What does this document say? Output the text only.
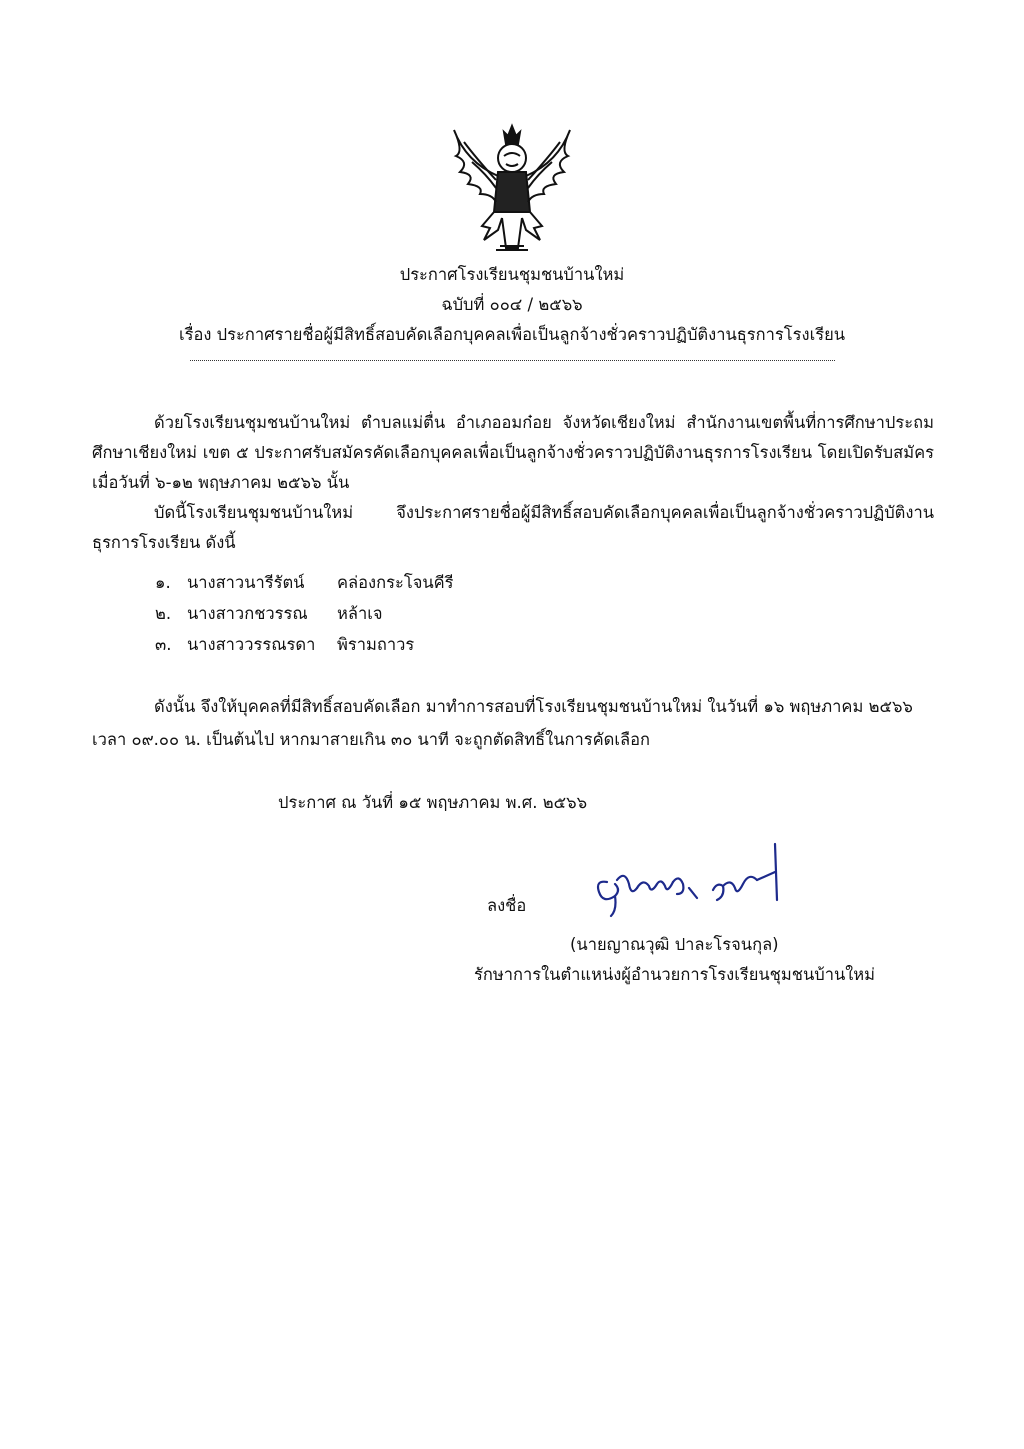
ประกาศโรงเรียนชุมชนบ้านใหม่
ฉบับที่ ๐๐๔ / ๒๕๖๖
เรื่อง ประกาศรายชื่อผู้มีสิทธิ์สอบคัดเลือกบุคคลเพื่อเป็นลูกจ้างชั่วคราวปฏิบัติงานธุรการโรงเรียน
ด้วยโรงเรียนชุมชนบ้านใหม่ ตำบลแม่ตื่น อำเภออมก๋อย จังหวัดเชียงใหม่ สำนักงานเขตพื้นที่การศึกษาประถมศึกษาเชียงใหม่ เขต ๕ ประกาศรับสมัครคัดเลือกบุคคลเพื่อเป็นลูกจ้างชั่วคราวปฏิบัติงานธุรการโรงเรียน โดยเปิดรับสมัครเมื่อวันที่ ๖-๑๒ พฤษภาคม ๒๕๖๖ นั้น
บัดนี้โรงเรียนชุมชนบ้านใหม่ จึงประกาศรายชื่อผู้มีสิทธิ์สอบคัดเลือกบุคคลเพื่อเป็นลูกจ้างชั่วคราวปฏิบัติงานธุรการโรงเรียน ดังนี้
๑. นางสาวนารีรัตน์ คล่องกระโจนคีรี
๒. นางสาวกชวรรณ หล้าเจ
๓. นางสาววรรณรดา พิรามถาวร
ดังนั้น จึงให้บุคคลที่มีสิทธิ์สอบคัดเลือก มาทำการสอบที่โรงเรียนชุมชนบ้านใหม่ ในวันที่ ๑๖ พฤษภาคม ๒๕๖๖
เวลา ๐๙.๐๐ น. เป็นต้นไป หากมาสายเกิน ๓๐ นาที จะถูกตัดสิทธิ์ในการคัดเลือก
ประกาศ ณ วันที่ ๑๕ พฤษภาคม พ.ศ. ๒๕๖๖
ลงชื่อ
(นายญาณวุฒิ ปาละโรจนกุล)
รักษาการในตำแหน่งผู้อำนวยการโรงเรียนชุมชนบ้านใหม่
